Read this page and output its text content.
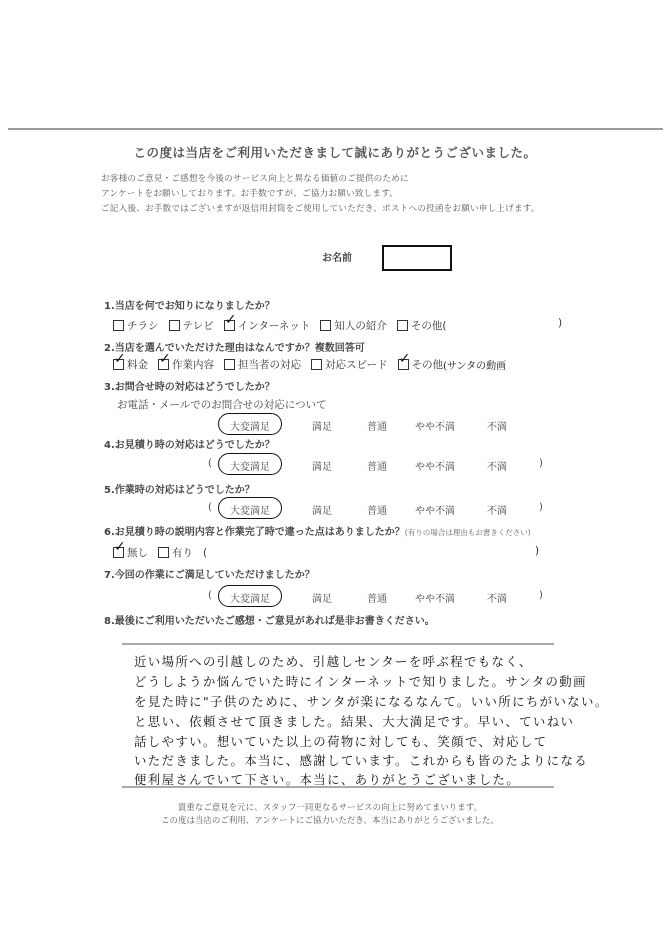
この度は当店をご利用いただきまして誠にありがとうございました。
お客様のご意見・ご感想を今後のサービス向上と異なる価値のご提供のために
アンケートをお願いしております。お手数ですが、ご協力お願い致します。
ご記入後、お手数ではございますが返信用封筒をご使用していただき、ポストへの投函をお願い申し上げます。
お名前
1.当店を何でお知りになりましたか？
チラシ テレビ ✓ インターネット 知人の紹介 その他(	)
2.当店を選んでいただけた理由はなんですか？複数回答可
✓ 料金 ✓ 作業内容 担当者の対応 対応スピード ✓ その他 (サンタの動画
3.お問合せ時の対応はどうでしたか？
お電話・メールでのお問合せの対応について
大変満足	満足	普通	やや不満	不満
4.お見積り時の対応はどうでしたか？
(	大変満足	満足	普通	やや不満	不満	)
5.作業時の対応はどうでしたか？
(	大変満足	満足	普通	やや不満	不満	)
6.お見積り時の説明内容と作業完了時で違った点はありましたか？(有りの場合は理由もお書きください)
✓ 無し 有り (	)
7.今回の作業にご満足していただけましたか？
(	大変満足	満足	普通	やや不満	不満	)
8.最後にご利用いただいたご感想・ご意見があれば是非お書きください。
近い場所への引越しのため、引越しセンターを呼ぶ程でもなく、
どうしようか悩んでいた時にインターネットで知りました。サンタの動画
を見た時に"子供のために、サンタが楽になるなんて。いい所にちがいない。
と思い、依頼させて頂きました。結果、大大満足です。早い、ていねい
話しやすい。想いていた以上の荷物に対しても、笑顔で、対応して
いただきました。本当に、感謝しています。これからも皆のたよりになる
便利屋さんでいて下さい。本当に、ありがとうございました。
貴重なご意見を元に、スタッフ一同更なるサービスの向上に努めてまいります。
この度は当店のご利用、アンケートにご協力いただき、本当にありがとうございました。
